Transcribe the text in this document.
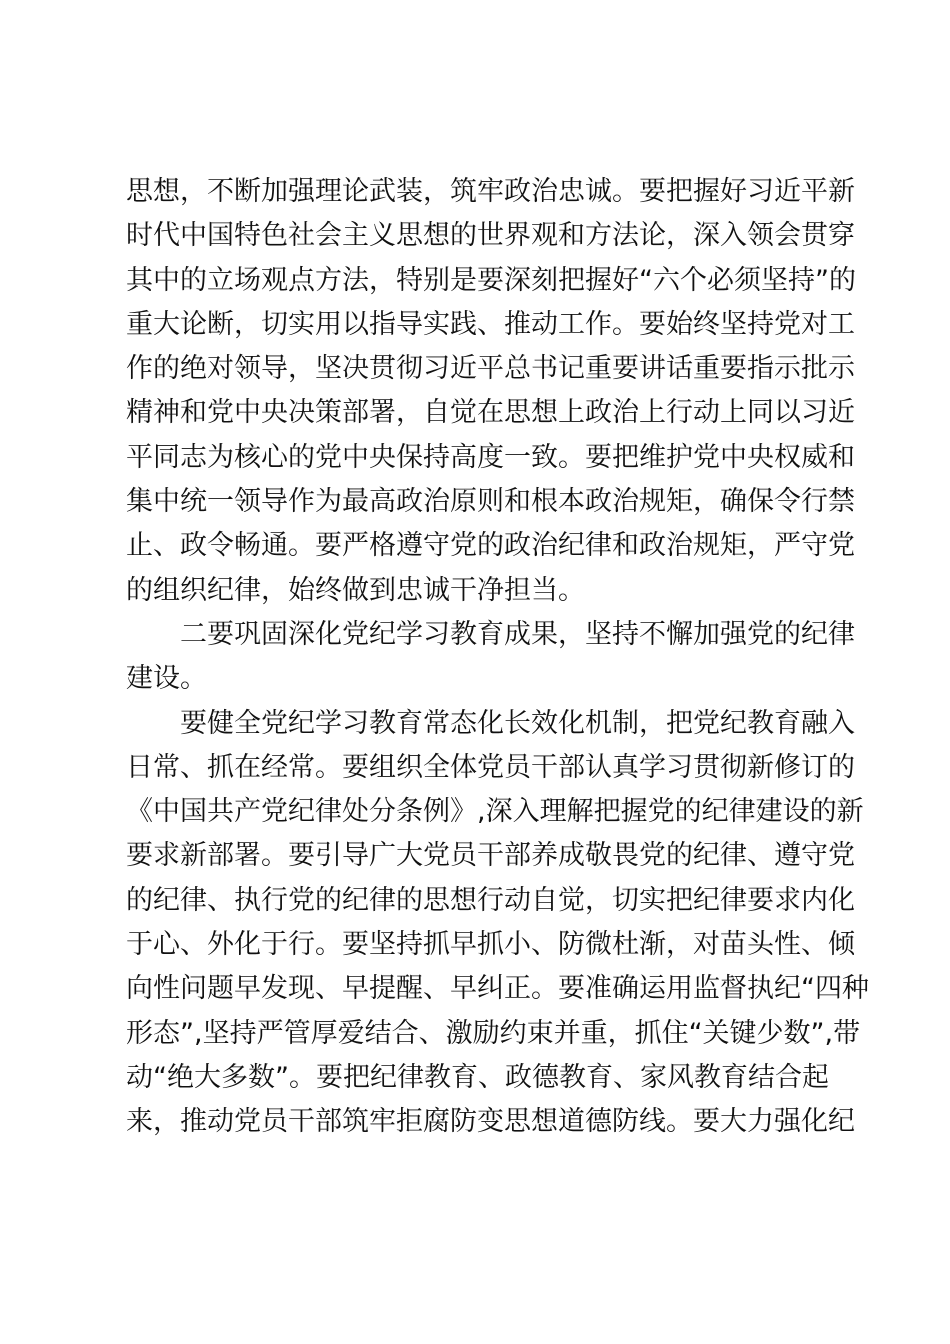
思想，不断加强理论武装，筑牢政治忠诚。要把握好习近平新
时代中国特色社会主义思想的世界观和方法论，深入领会贯穿
其中的立场观点方法，特别是要深刻把握好“六个必须坚持”的
重大论断，切实用以指导实践、推动工作。要始终坚持党对工
作的绝对领导，坚决贯彻习近平总书记重要讲话重要指示批示
精神和党中央决策部署，自觉在思想上政治上行动上同以习近
平同志为核心的党中央保持高度一致。要把维护党中央权威和
集中统一领导作为最高政治原则和根本政治规矩，确保令行禁
止、政令畅通。要严格遵守党的政治纪律和政治规矩，严守党
的组织纪律，始终做到忠诚干净担当。
　　二要巩固深化党纪学习教育成果，坚持不懈加强党的纪律
建设。
　　要健全党纪学习教育常态化长效化机制，把党纪教育融入
日常、抓在经常。要组织全体党员干部认真学习贯彻新修订的
《中国共产党纪律处分条例》,深入理解把握党的纪律建设的新
要求新部署。要引导广大党员干部养成敬畏党的纪律、遵守党
的纪律、执行党的纪律的思想行动自觉，切实把纪律要求内化
于心、外化于行。要坚持抓早抓小、防微杜渐，对苗头性、倾
向性问题早发现、早提醒、早纠正。要准确运用监督执纪“四种
形态”,坚持严管厚爱结合、激励约束并重，抓住“关键少数”,带
动“绝大多数”。要把纪律教育、政德教育、家风教育结合起
来，推动党员干部筑牢拒腐防变思想道德防线。要大力强化纪
